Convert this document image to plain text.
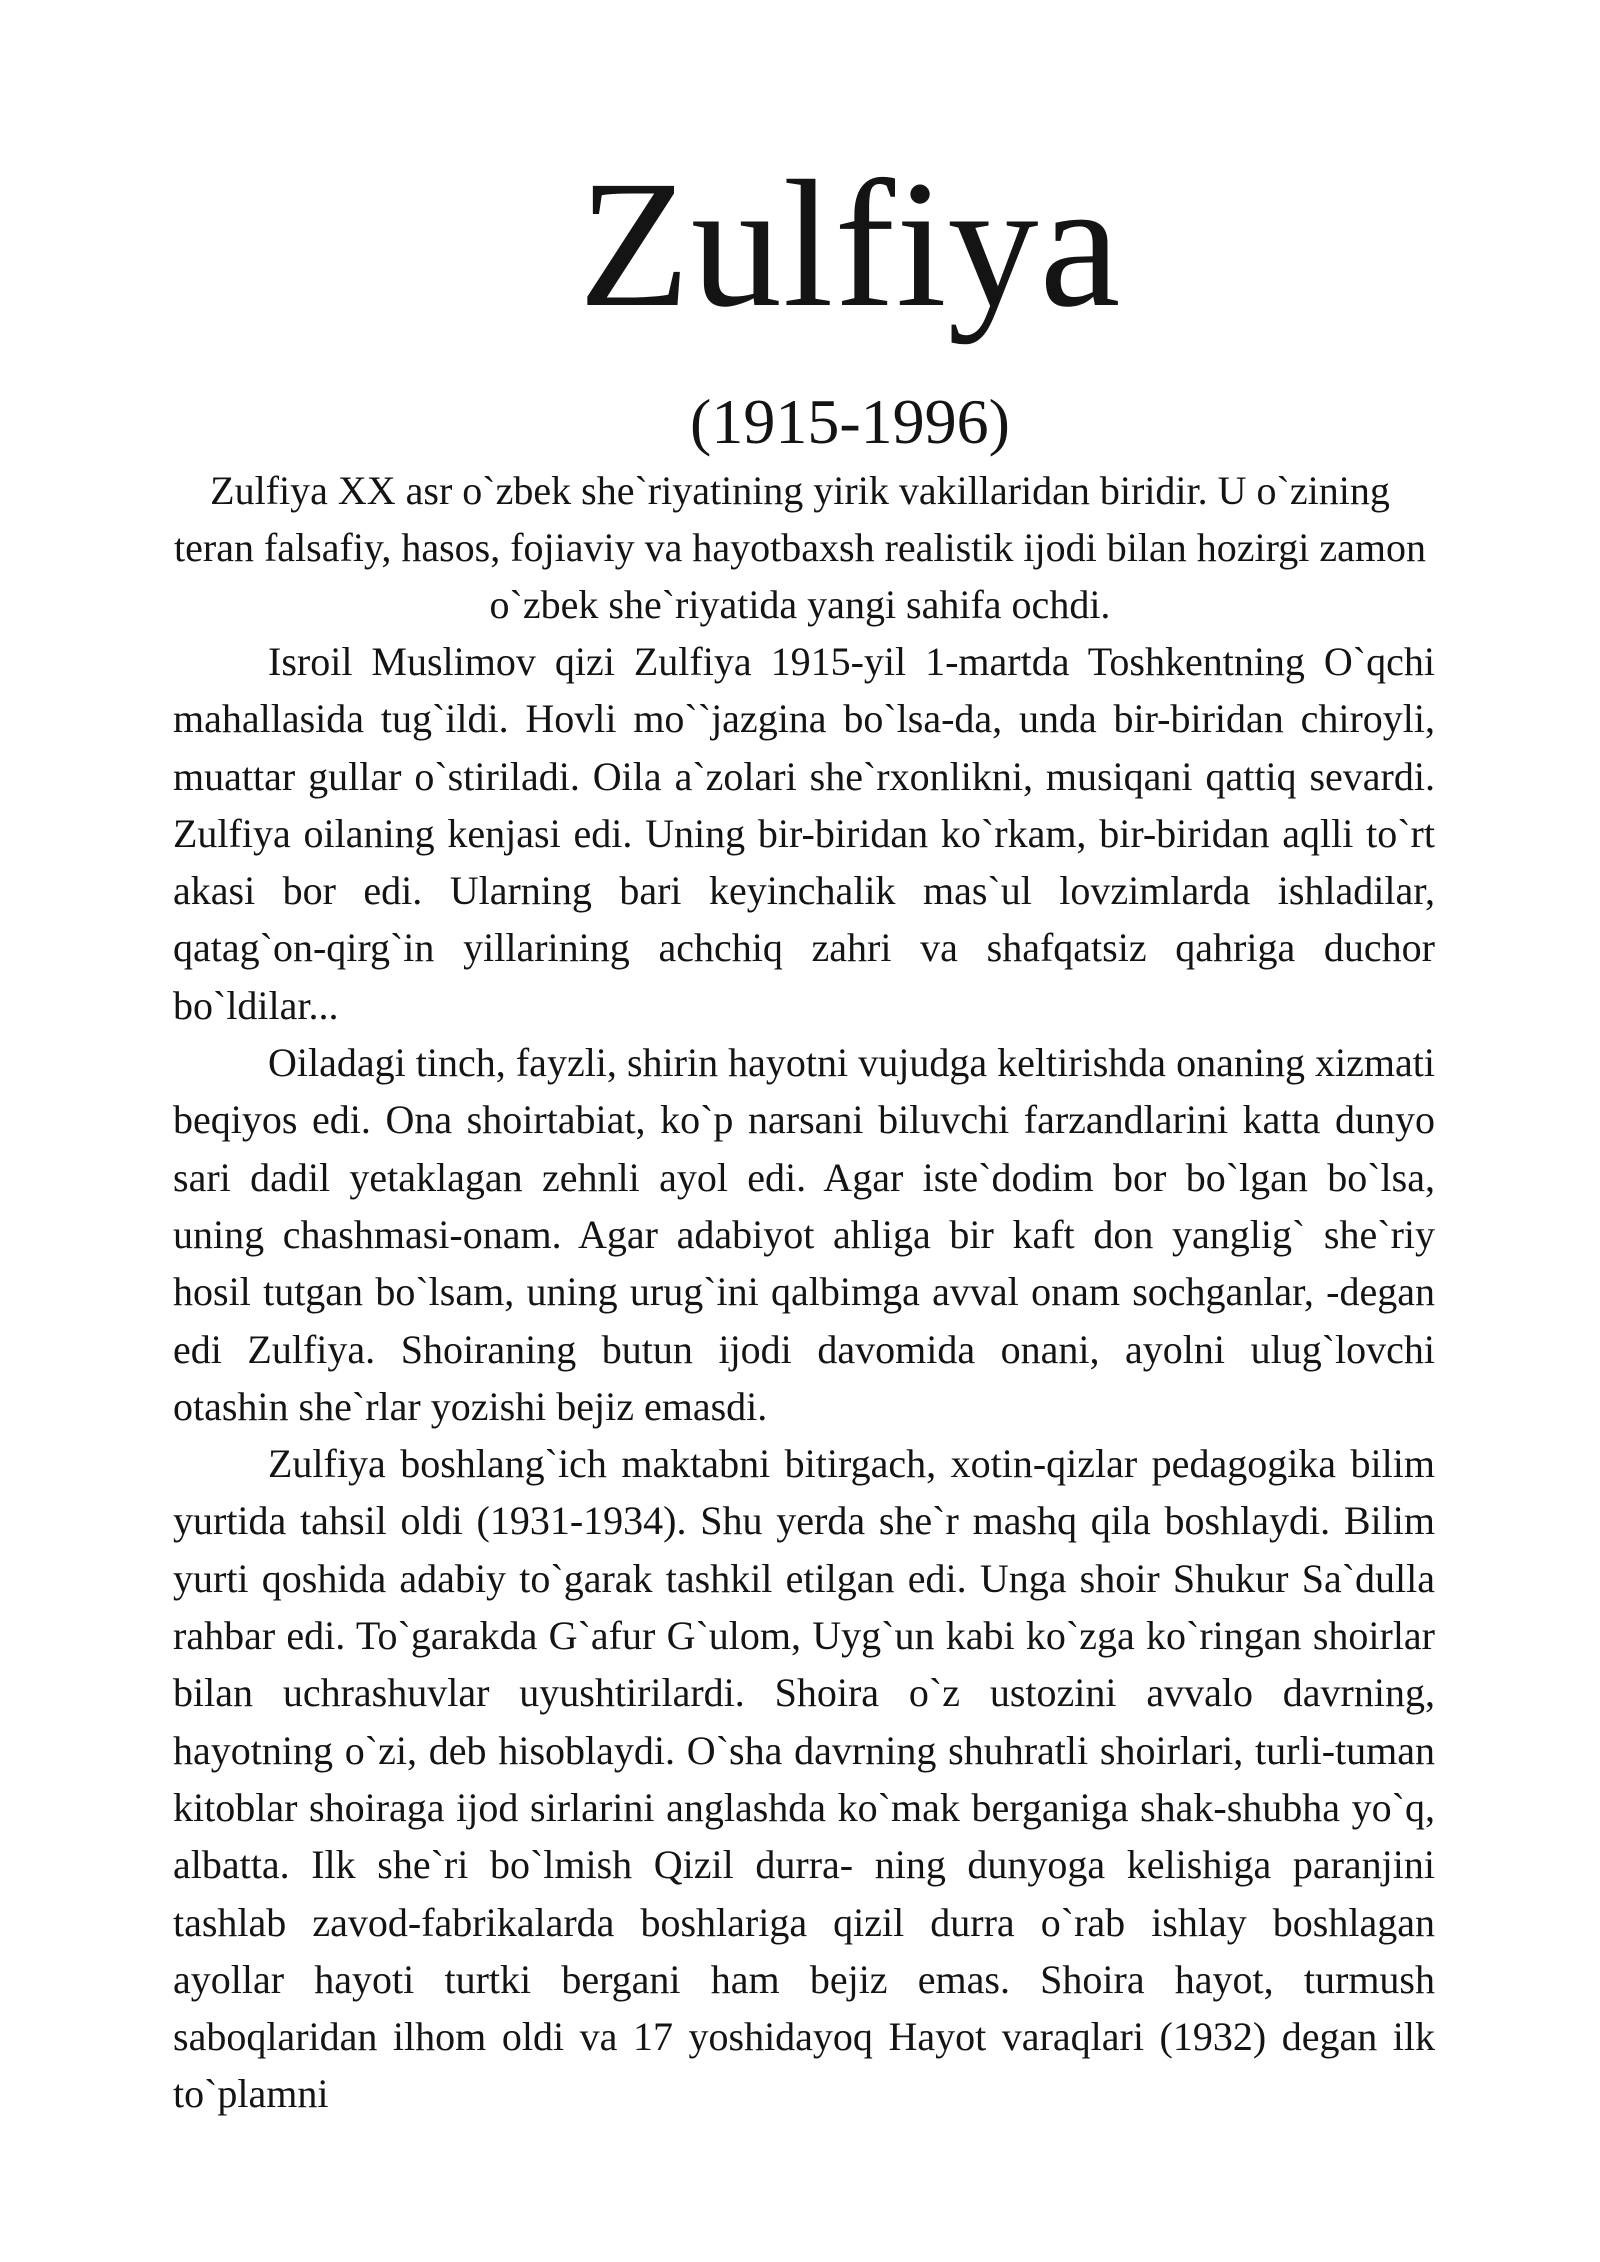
Zulfiya
(1915-1996)

Zulfiya XX asr o`zbek she`riyatining yirik vakillaridan biridir. U o`zining teran falsafiy, hasos, fojiaviy va hayotbaxsh realistik ijodi bilan hozirgi zamon o`zbek she`riyatida yangi sahifa ochdi.

Isroil Muslimov qizi Zulfiya 1915-yil 1-martda Toshkentning O`qchi mahallasida tug`ildi. Hovli mo``jazgina bo`lsa-da, unda bir-biridan chiroyli, muattar gullar o`stiriladi. Oila a`zolari she`rxonlikni, musiqani qattiq sevardi. Zulfiya oilaning kenjasi edi. Uning bir-biridan ko`rkam, bir-biridan aqlli to`rt akasi bor edi. Ularning bari keyinchalik mas`ul lovzimlarda ishladilar, qatag`on-qirg`in yillarining achchiq zahri va shafqatsiz qahriga duchor bo`ldilar...

Oiladagi tinch, fayzli, shirin hayotni vujudga keltirishda onaning xizmati beqiyos edi. Ona shoirtabiat, ko`p narsani biluvchi farzandlarini katta dunyo sari dadil yetaklagan zehnli ayol edi. Agar iste`dodim bor bo`lgan bo`lsa, uning chashmasi-onam. Agar adabiyot ahliga bir kaft don yanglig` she`riy hosil tutgan bo`lsam, uning urug`ini qalbimga avval onam sochganlar, -degan edi Zulfiya. Shoiraning butun ijodi davomida onani, ayolni ulug`lovchi otashin she`rlar yozishi bejiz emasdi.

Zulfiya boshlang`ich maktabni bitirgach, xotin-qizlar pedagogika bilim yurtida tahsil oldi (1931-1934). Shu yerda she`r mashq qila boshlaydi. Bilim yurti qoshida adabiy to`garak tashkil etilgan edi. Unga shoir Shukur Sa`dulla rahbar edi. To`garakda G`afur G`ulom, Uyg`un kabi ko`zga ko`ringan shoirlar bilan uchrashuvlar uyushtirilardi. Shoira o`z ustozini avvalo davrning, hayotning o`zi, deb hisoblaydi. O`sha davrning shuhratli shoirlari, turli-tuman kitoblar shoiraga ijod sirlarini anglashda ko`mak berganiga shak-shubha yo`q, albatta. Ilk she`ri bo`lmish Qizil durra- ning dunyoga kelishiga paranjini tashlab zavod-fabrikalarda boshlariga qizil durra o`rab ishlay boshlagan ayollar hayoti turtki bergani ham bejiz emas. Shoira hayot, turmush saboqlaridan ilhom oldi va 17 yoshidayoq Hayot varaqlari (1932) degan ilk to`plamni
